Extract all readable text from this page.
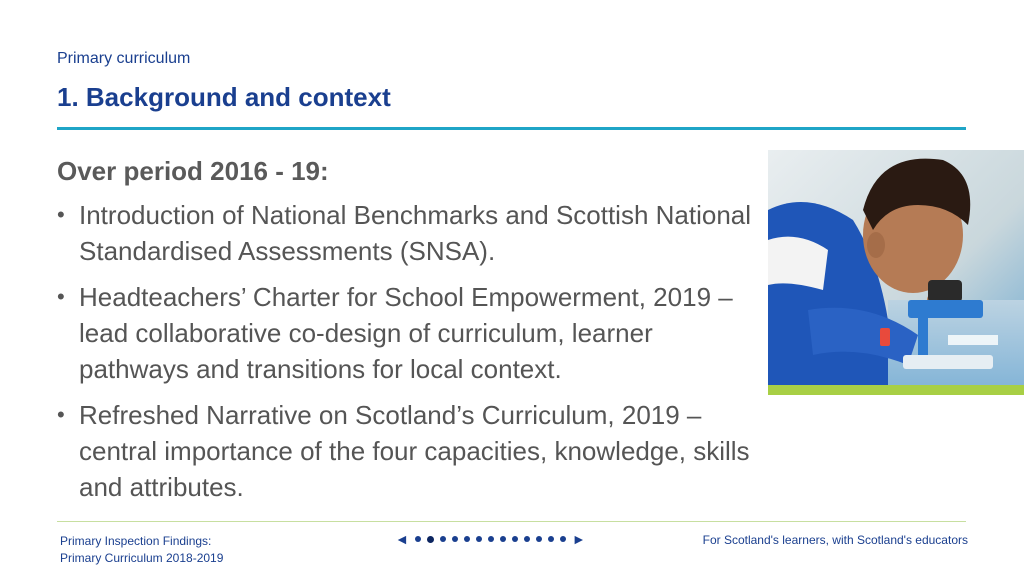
Primary curriculum
1. Background and context
Over period 2016 - 19:
• Introduction of National Benchmarks and Scottish National Standardised Assessments (SNSA).
• Headteachers’ Charter for School Empowerment, 2019 – lead collaborative co-design of curriculum, learner pathways and transitions for local context.
• Refreshed Narrative on Scotland’s Curriculum, 2019 – central importance of the four capacities, knowledge, skills and attributes.
Primary Inspection Findings:
Primary Curriculum 2018-2019
◄	►	For Scotland's learners, with Scotland's educators
